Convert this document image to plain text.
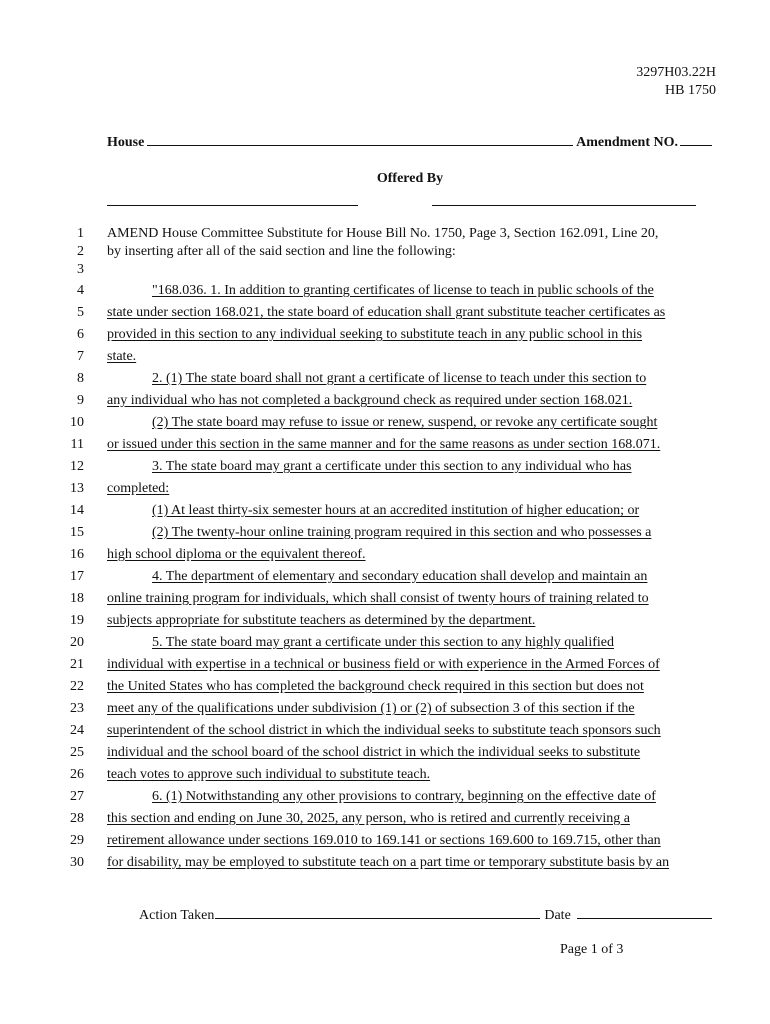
3297H03.22H
HB 1750
House	Amendment NO.
Offered By
1 AMEND House Committee Substitute for House Bill No. 1750, Page 3, Section 162.091, Line 20,
2 by inserting after all of the said section and line the following:
3
4	"168.036. 1. In addition to granting certificates of license to teach in public schools of the
5 state under section 168.021, the state board of education shall grant substitute teacher certificates as
6 provided in this section to any individual seeking to substitute teach in any public school in this
7 state.
8	2. (1) The state board shall not grant a certificate of license to teach under this section to
9 any individual who has not completed a background check as required under section 168.021.
10	(2) The state board may refuse to issue or renew, suspend, or revoke any certificate sought
11 or issued under this section in the same manner and for the same reasons as under section 168.071.
12	3. The state board may grant a certificate under this section to any individual who has
13 completed:
14	(1) At least thirty-six semester hours at an accredited institution of higher education; or
15	(2) The twenty-hour online training program required in this section and who possesses a
16 high school diploma or the equivalent thereof.
17	4. The department of elementary and secondary education shall develop and maintain an
18 online training program for individuals, which shall consist of twenty hours of training related to
19 subjects appropriate for substitute teachers as determined by the department.
20	5. The state board may grant a certificate under this section to any highly qualified
21 individual with expertise in a technical or business field or with experience in the Armed Forces of
22 the United States who has completed the background check required in this section but does not
23 meet any of the qualifications under subdivision (1) or (2) of subsection 3 of this section if the
24 superintendent of the school district in which the individual seeks to substitute teach sponsors such
25 individual and the school board of the school district in which the individual seeks to substitute
26 teach votes to approve such individual to substitute teach.
27	6. (1) Notwithstanding any other provisions to contrary, beginning on the effective date of
28 this section and ending on June 30, 2025, any person, who is retired and currently receiving a
29 retirement allowance under sections 169.010 to 169.141 or sections 169.600 to 169.715, other than
30 for disability, may be employed to substitute teach on a part time or temporary substitute basis by an
Action Taken	Date
Page 1 of 3
